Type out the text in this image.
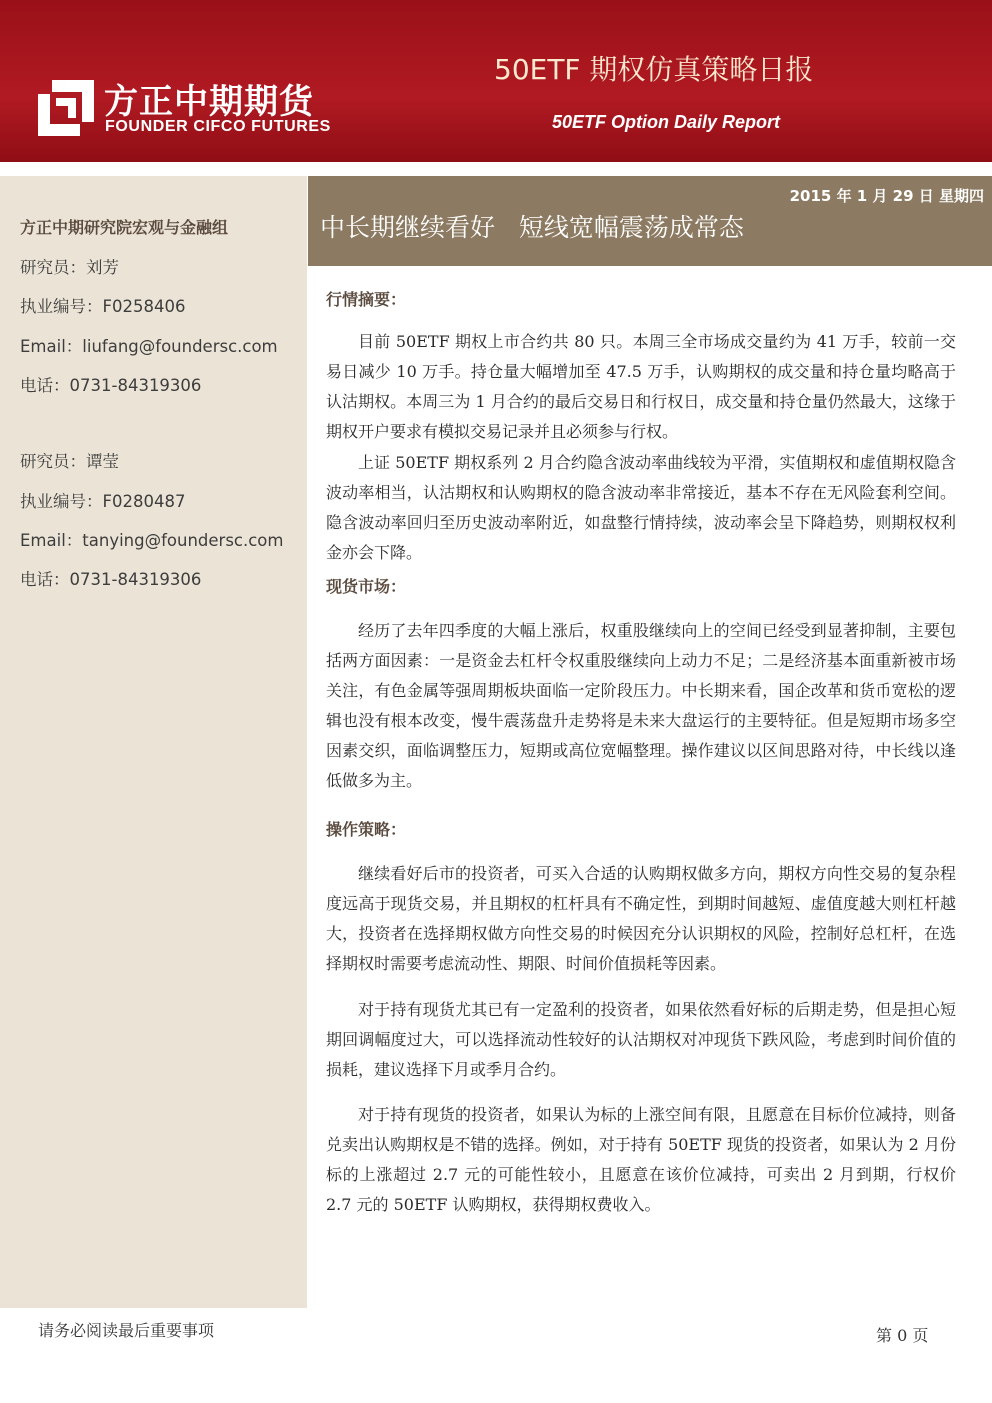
方正中期期货
FOUNDER CIFCO FUTURES
50ETF 期权仿真策略日报
50ETF Option Daily Report
方正中期研究院宏观与金融组
研究员：刘芳
执业编号：F0258406
Email：liufang@foundersc.com
电话：0731-84319306
研究员：谭莹
执业编号：F0280487
Email：tanying@foundersc.com
电话：0731-84319306
2015 年 1 月 29 日 星期四
中长期继续看好   短线宽幅震荡成常态
行情摘要：
目前 50ETF 期权上市合约共 80 只。本周三全市场成交量约为 41 万手，较前一交易日减少 10 万手。持仓量大幅增加至 47.5 万手，认购期权的成交量和持仓量均略高于认沽期权。本周三为 1 月合约的最后交易日和行权日，成交量和持仓量仍然最大，这缘于期权开户要求有模拟交易记录并且必须参与行权。
上证 50ETF 期权系列 2 月合约隐含波动率曲线较为平滑，实值期权和虚值期权隐含波动率相当，认沽期权和认购期权的隐含波动率非常接近，基本不存在无风险套利空间。隐含波动率回归至历史波动率附近，如盘整行情持续，波动率会呈下降趋势，则期权权利金亦会下降。
现货市场：
经历了去年四季度的大幅上涨后，权重股继续向上的空间已经受到显著抑制，主要包括两方面因素：一是资金去杠杆令权重股继续向上动力不足；二是经济基本面重新被市场关注，有色金属等强周期板块面临一定阶段压力。中长期来看，国企改革和货币宽松的逻辑也没有根本改变，慢牛震荡盘升走势将是未来大盘运行的主要特征。但是短期市场多空因素交织，面临调整压力，短期或高位宽幅整理。操作建议以区间思路对待，中长线以逢低做多为主。
操作策略：
继续看好后市的投资者，可买入合适的认购期权做多方向，期权方向性交易的复杂程度远高于现货交易，并且期权的杠杆具有不确定性，到期时间越短、虚值度越大则杠杆越大，投资者在选择期权做方向性交易的时候因充分认识期权的风险，控制好总杠杆，在选择期权时需要考虑流动性、期限、时间价值损耗等因素。
对于持有现货尤其已有一定盈利的投资者，如果依然看好标的后期走势，但是担心短期回调幅度过大，可以选择流动性较好的认沽期权对冲现货下跌风险，考虑到时间价值的损耗，建议选择下月或季月合约。
对于持有现货的投资者，如果认为标的上涨空间有限，且愿意在目标价位减持，则备兑卖出认购期权是不错的选择。例如，对于持有 50ETF 现货的投资者，如果认为 2 月份标的上涨超过 2.7 元的可能性较小，且愿意在该价位减持，可卖出 2 月到期，行权价 2.7 元的 50ETF 认购期权，获得期权费收入。
请务必阅读最后重要事项	第 0 页
